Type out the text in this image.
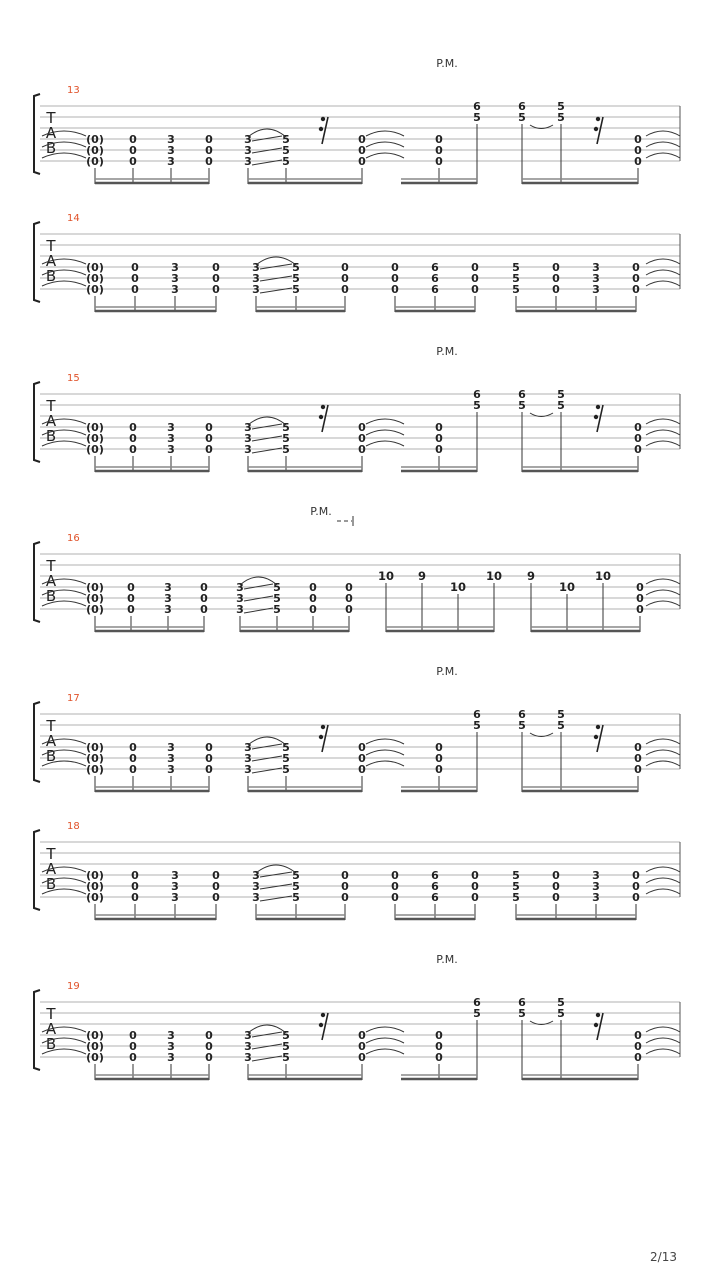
T
A
B
13
P.M.
(0)
(0)
(0)
0
0
0
3
3
3
0
0
0
3
3
3
5
5
5
0
0
0
0
0
0
6
5
6
5
5
5
0
0
0
T
A
B
14
(0)
(0)
(0)
0
0
0
3
3
3
0
0
0
3
3
3
5
5
5
0
0
0
0
0
0
6
6
6
0
0
0
5
5
5
0
0
0
3
3
3
0
0
0
T
A
B
15
P.M.
(0)
(0)
(0)
0
0
0
3
3
3
0
0
0
3
3
3
5
5
5
0
0
0
0
0
0
6
5
6
5
5
5
0
0
0
T
A
B
16
P.M.
(0)
(0)
(0)
0
0
0
3
3
3
0
0
0
3
3
3
5
5
5
0
0
0
0
0
0
10 9
10
10 9
10
10
0
0
0
T
A
B
17
P.M.
(0)
(0)
(0)
0
0
0
3
3
3
0
0
0
3
3
3
5
5
5
0
0
0
0
0
0
6
5
6
5
5
5
0
0
0
T
A
B
18
(0)
(0)
(0)
0
0
0
3
3
3
0
0
0
3
3
3
5
5
5
0
0
0
0
0
0
6
6
6
0
0
0
5
5
5
0
0
0
3
3
3
0
0
0
T
A
B
19
P.M.
(0)
(0)
(0)
0
0
0
3
3
3
0
0
0
3
3
3
5
5
5
0
0
0
0
0
0
6
5
6
5
5
5
0
0
0
2/13
